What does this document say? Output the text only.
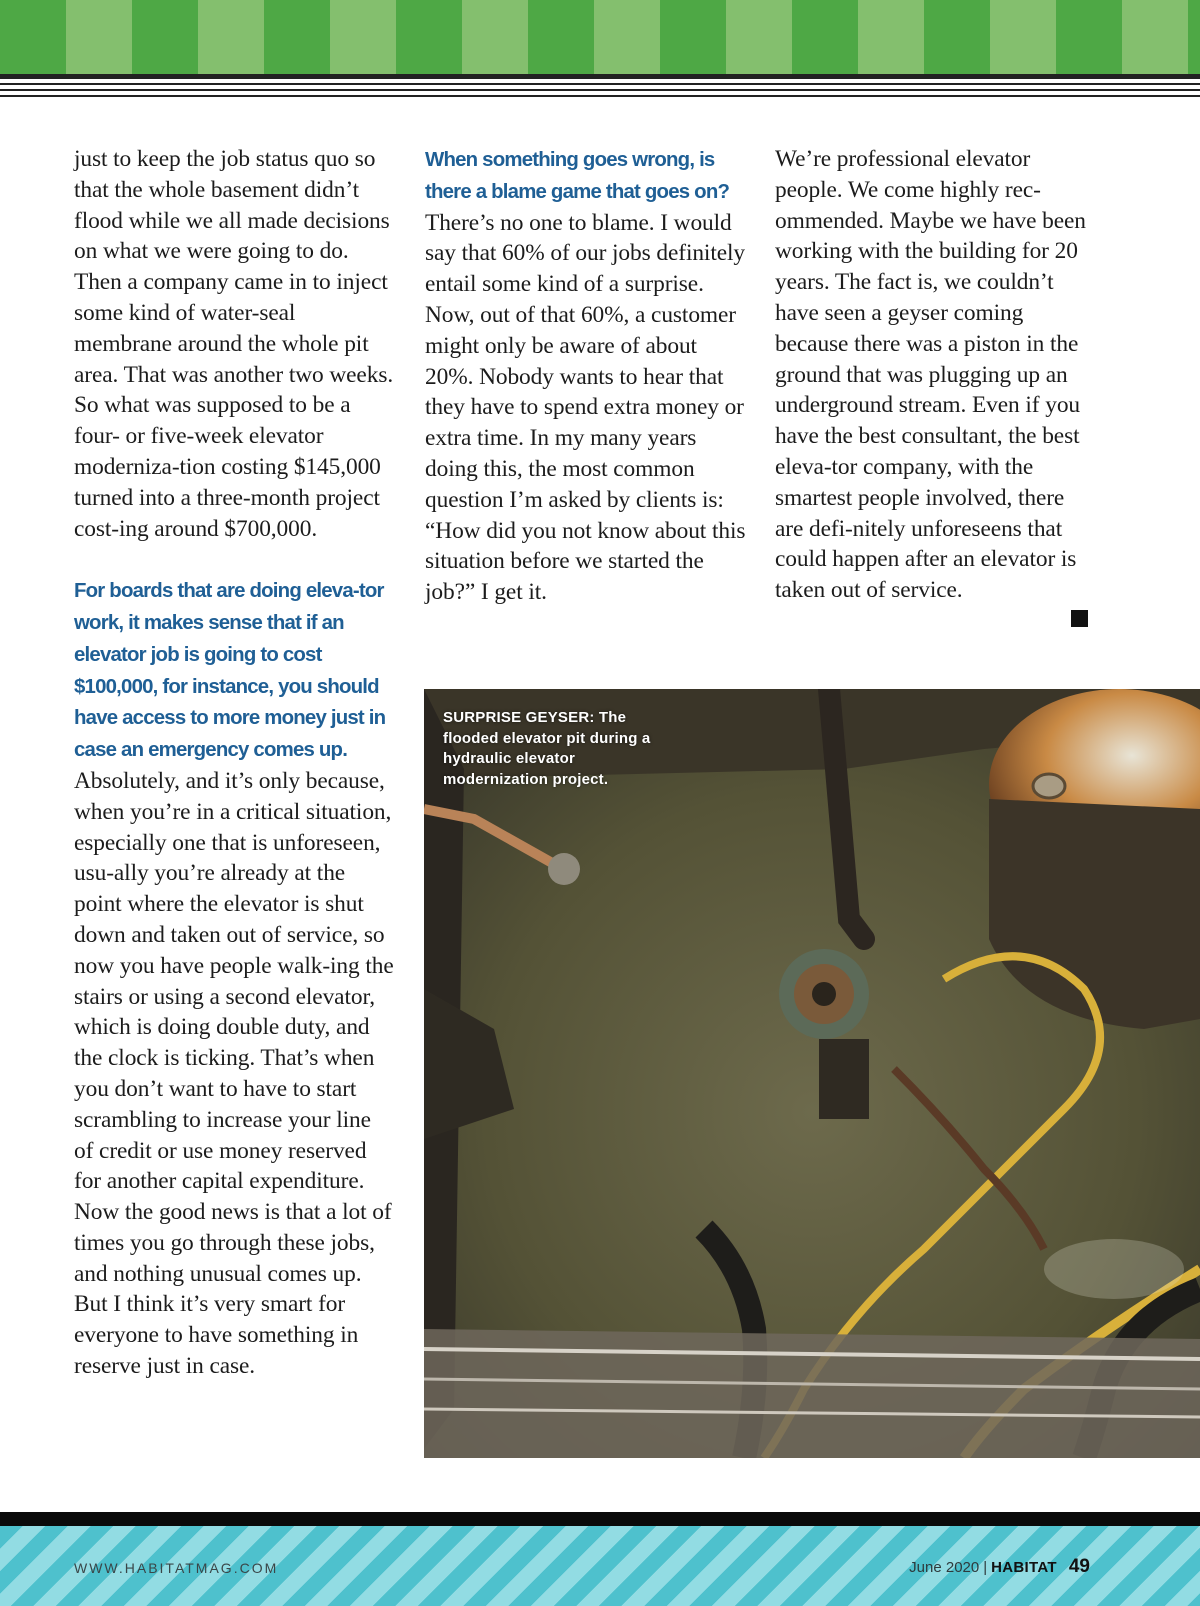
just to keep the job status quo so that the whole basement didn’t flood while we all made decisions on what we were going to do. Then a company came in to inject some kind of water-seal membrane around the whole pit area. That was another two weeks. So what was supposed to be a four- or five-week elevator moderniza-tion costing $145,000 turned into a three-month project cost-ing around $700,000.

For boards that are doing eleva-tor work, it makes sense that if an elevator job is going to cost $100,000, for instance, you should have access to more money just in case an emergency comes up. Absolutely, and it’s only because, when you’re in a critical situation, especially one that is unforeseen, usu-ally you’re already at the point where the elevator is shut down and taken out of service, so now you have people walk-ing the stairs or using a second elevator, which is doing double duty, and the clock is ticking. That’s when you don’t want to have to start scrambling to increase your line of credit or use money reserved for another capital expenditure. Now the good news is that a lot of times you go through these jobs, and nothing unusual comes up. But I think it’s very smart for everyone to have something in reserve just in case.

When something goes wrong, is there a blame game that goes on? There’s no one to blame. I would say that 60% of our jobs definitely entail some kind of a surprise. Now, out of that 60%, a customer might only be aware of about 20%. Nobody wants to hear that they have to spend extra money or extra time. In my many years doing this, the most common question I’m asked by clients is: “How did you not know about this situation before we started the job?” I get it.

We’re professional elevator people. We come highly rec-ommended. Maybe we have been working with the building for 20 years. The fact is, we couldn’t have seen a geyser coming because there was a piston in the ground that was plugging up an underground stream. Even if you have the best consultant, the best eleva-tor company, with the smartest people involved, there are defi-nitely unforeseens that could happen after an elevator is taken out of service.

SURPRISE GEYSER: The flooded elevator pit during a hydraulic elevator modernization project.
WWW.HABITATMAG.COM	June 2020 | HABITAT 49
